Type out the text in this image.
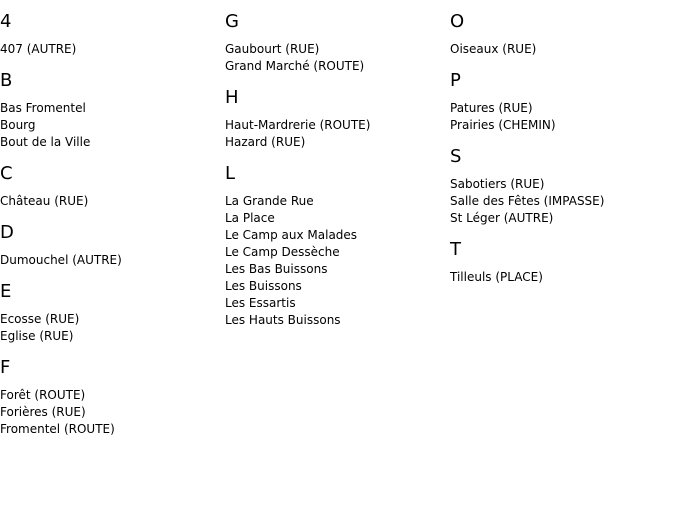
4
407 (AUTRE)
B
Bas Fromentel
Bourg
Bout de la Ville
C
Château (RUE)
D
Dumouchel (AUTRE)
E
Ecosse (RUE)
Eglise (RUE)
F
Forêt (ROUTE)
Forières (RUE)
Fromentel (ROUTE)
G
Gaubourt (RUE)
Grand Marché (ROUTE)
H
Haut-Mardrerie (ROUTE)
Hazard (RUE)
L
La Grande Rue
La Place
Le Camp aux Malades
Le Camp Dessèche
Les Bas Buissons
Les Buissons
Les Essartis
Les Hauts Buissons
O
Oiseaux (RUE)
P
Patures (RUE)
Prairies (CHEMIN)
S
Sabotiers (RUE)
Salle des Fêtes (IMPASSE)
St Léger (AUTRE)
T
Tilleuls (PLACE)
